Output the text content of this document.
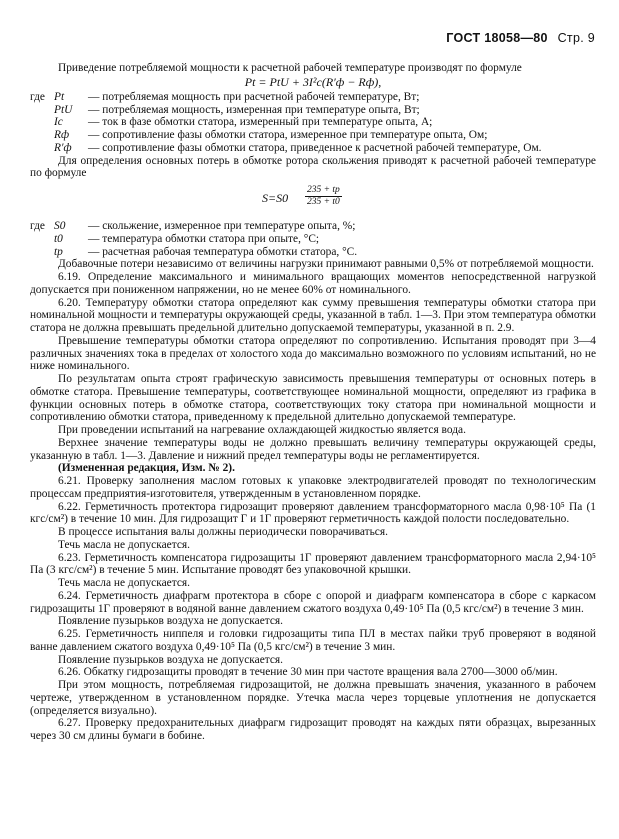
ГОСТ 18058—80 Стр. 9

Приведение потребляемой мощности к расчетной рабочей температуре производят по формуле

Pt = PtU + 3I²c(R′ф − Rф),
где Pt	— потребляемая мощность при расчетной рабочей температуре, Вт;
PtU	— потребляемая мощность, измеренная при температуре опыта, Вт;
Ic	— ток в фазе обмотки статора, измеренный при температуре опыта, А;
Rф	— сопротивление фазы обмотки статора, измеренное при температуре опыта, Ом;
R′ф	— сопротивление фазы обмотки статора, приведенное к расчетной рабочей температуре, Ом.

Для определения основных потерь в обмотке ротора скольжения приводят к расчетной рабочей температуре по формуле

$S=S0 \frac{235 + tp}{235 + t0}$
где S0	— скольжение, измеренное при температуре опыта, %;
t0	— температура обмотки статора при опыте, °С;
tp	— расчетная рабочая температура обмотки статора, °С.

Добавочные потери независимо от величины нагрузки принимают равными 0,5% от потребляемой мощности.

6.19. Определение максимального и минимального вращающих моментов непосредственной нагрузкой допускается при пониженном напряжении, но не менее 60% от номинального.

6.20. Температуру обмотки статора определяют как сумму превышения температуры обмотки статора при номинальной мощности и температуры окружающей среды, указанной в табл. 1—3. При этом температура обмотки статора не должна превышать предельной длительно допускаемой температуры, указанной в п. 2.9.

Превышение температуры обмотки статора определяют по сопротивлению. Испытания проводят при 3—4 различных значениях тока в пределах от холостого хода до максимально возможного по условиям испытаний, но не ниже номинального.

По результатам опыта строят графическую зависимость превышения температуры от основных потерь в обмотке статора. Превышение температуры, соответствующее номинальной мощности, определяют из графика в функции основных потерь в обмотке статора, соответствующих току статора при номинальной мощности и сопротивлению обмотки статора, приведенному к предельной длительно допускаемой температуре.

При проведении испытаний на нагревание охлаждающей жидкостью является вода.

Верхнее значение температуры воды не должно превышать величину температуры окружающей среды, указанную в табл. 1—3. Давление и нижний предел температуры воды не регламентируется.

(Измененная редакция, Изм. № 2).

6.21. Проверку заполнения маслом готовых к упаковке электродвигателей проводят по технологическим процессам предприятия-изготовителя, утвержденным в установленном порядке.

6.22. Герметичность протектора гидрозащит проверяют давлением трансформаторного масла 0,98·10⁵ Па (1 кгс/см²) в течение 10 мин. Для гидрозащит Г и 1Г проверяют герметичность каждой полости последовательно.

В процессе испытания валы должны периодически поворачиваться.

Течь масла не допускается.

6.23. Герметичность компенсатора гидрозащиты 1Г проверяют давлением трансформаторного масла 2,94·10⁵ Па (3 кгс/см²) в течение 5 мин. Испытание проводят без упаковочной крышки.

Течь масла не допускается.

6.24. Герметичность диафрагм протектора в сборе с опорой и диафрагм компенсатора в сборе с каркасом гидрозащиты 1Г проверяют в водяной ванне давлением сжатого воздуха 0,49·10⁵ Па (0,5 кгс/см²) в течение 3 мин.

Появление пузырьков воздуха не допускается.

6.25. Герметичность ниппеля и головки гидрозащиты типа ПЛ в местах пайки труб проверяют в водяной ванне давлением сжатого воздуха 0,49·10⁵ Па (0,5 кгс/см²) в течение 3 мин.

Появление пузырьков воздуха не допускается.

6.26. Обкатку гидрозащиты проводят в течение 30 мин при частоте вращения вала 2700—3000 об/мин.

При этом мощность, потребляемая гидрозащитой, не должна превышать значения, указанного в рабочем чертеже, утвержденном в установленном порядке. Утечка масла через торцевые уплотнения не допускается (определяется визуально).

6.27. Проверку предохранительных диафрагм гидрозащит проводят на каждых пяти образцах, вырезанных через 30 см длины бумаги в бобине.
